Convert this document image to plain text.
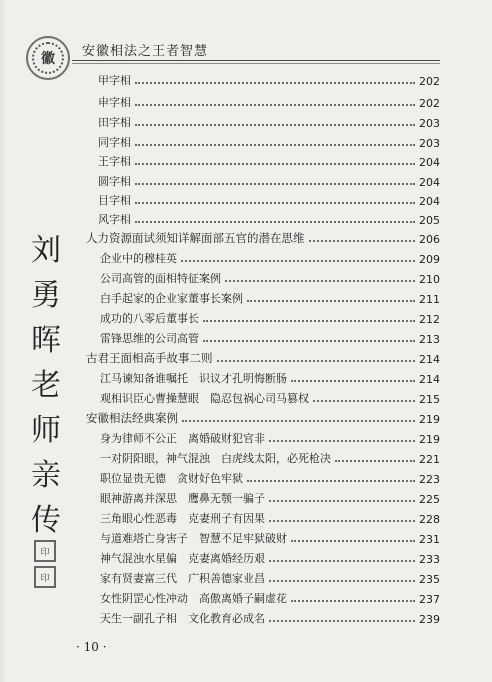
徽 安徽相法之王者智慧
刘
勇
晖
老
师
亲
传
印
印
甲字相	202
申字相	202
田字相	203
同字相	203
王字相	204
圆字相	204
目字相	204
风字相	205
人力资源面试须知详解面部五官的潜在思维	206
企业中的穆桂英	209
公司高管的面相特征案例	210
白手起家的企业家董事长案例	211
成功的八零后董事长	212
雷锋思维的公司高管	213
古君王面相高手故事二则	214
江马谏知备谁嘱托　识议才孔明悔断肠	214
观相识臣心曹操慧眼　隐忍包祸心司马篡权	215
安徽相法经典案例	219
身为律师不公正　离婚破财犯官非	219
一对阴阳眼，神气混浊　白虎线太阳，必死枪决	221
职位显贵无德　贪财好色牢狱	223
眼神游离并深思　鹰鼻无颚一骗子	225
三角眼心性恶毒　克妻刑子有因果	228
与道难塔亡身害子　智慧不足牢狱破财	231
神气混浊水星偏　克妻离婚经历艰	233
家有贤妻富三代　广积善德家业昌	235
女性阴罡心性冲动　高傲离婚子嗣虚花	237
天生一副孔子相　文化教育必成名	239
· 10 ·
